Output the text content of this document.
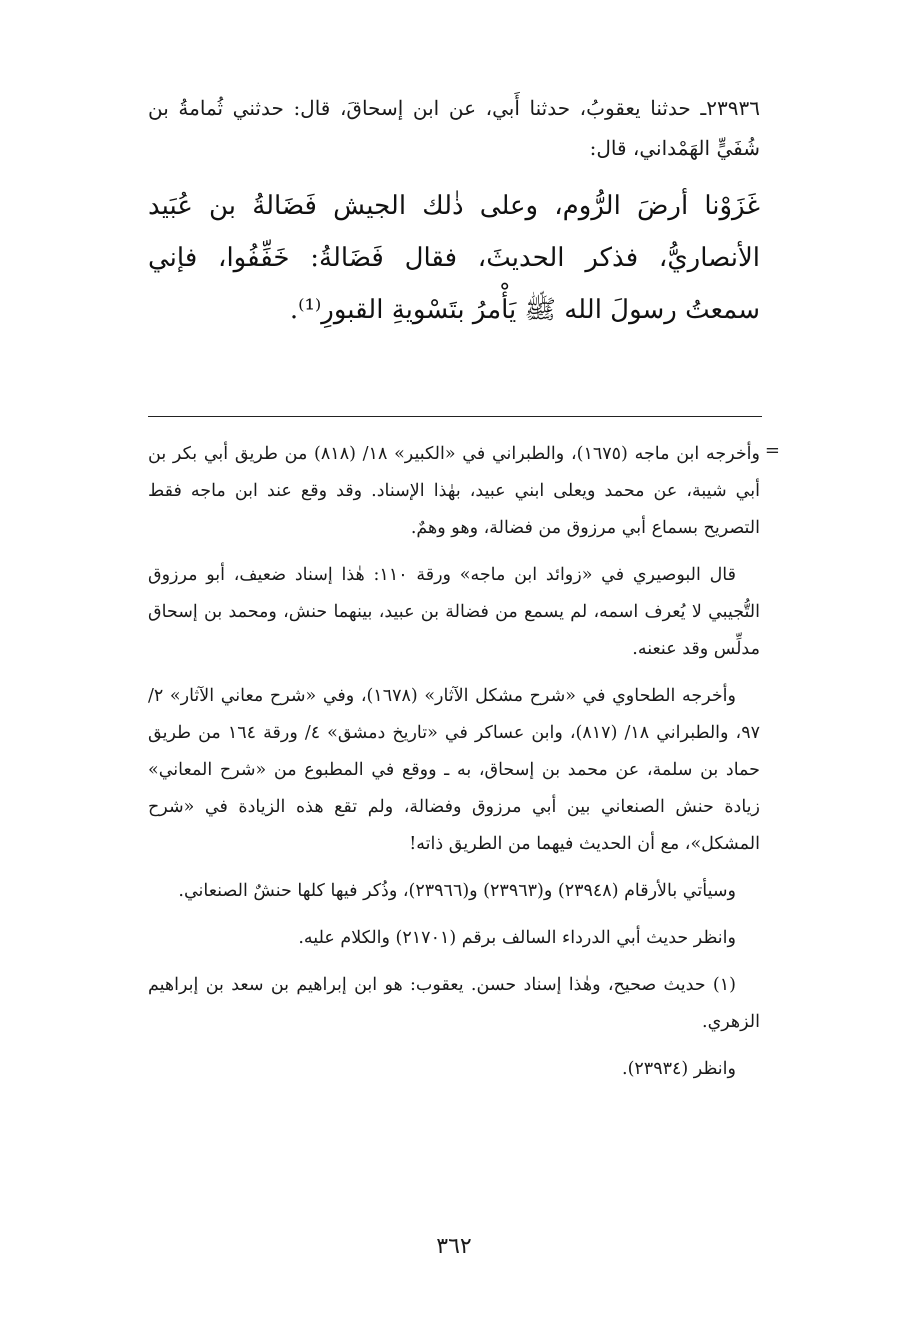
٢٣٩٣٦ـ حدثنا يعقوبُ، حدثنا أَبي، عن ابن إسحاقَ، قال: حدثني ثُمامةُ بن شُفَيٍّ الهَمْداني، قال:

غَزَوْنا أرضَ الرُّوم، وعلى ذٰلك الجيش فَضَالةُ بن عُبَيد الأنصاريُّ، فذكر الحديثَ، فقال فَضَالةُ: خَفِّفُوا، فإني سمعتُ رسولَ الله ﷺ يَأْمرُ بتَسْويةِ القبورِ⁽¹⁾.

=

وأخرجه ابن ماجه (١٦٧٥)، والطبراني في «الكبير» ١٨/ (٨١٨) من طريق أبي بكر بن أبي شيبة، عن محمد ويعلى ابني عبيد، بهٰذا الإسناد. وقد وقع عند ابن ماجه فقط التصريح بسماع أبي مرزوق من فضالة، وهو وهمٌ.

قال البوصيري في «زوائد ابن ماجه» ورقة ١١٠: هٰذا إسناد ضعيف، أبو مرزوق التُّجيبي لا يُعرف اسمه، لم يسمع من فضالة بن عبيد، بينهما حنش، ومحمد بن إسحاق مدلِّس وقد عنعنه.

وأخرجه الطحاوي في «شرح مشكل الآثار» (١٦٧٨)، وفي «شرح معاني الآثار» ٢/ ٩٧، والطبراني ١٨/ (٨١٧)، وابن عساكر في «تاريخ دمشق» ٤/ ورقة ١٦٤ من طريق حماد بن سلمة، عن محمد بن إسحاق، به ـ ووقع في المطبوع من «شرح المعاني» زيادة حنش الصنعاني بين أبي مرزوق وفضالة، ولم تقع هذه الزيادة في «شرح المشكل»، مع أن الحديث فيهما من الطريق ذاته!

وسيأتي بالأرقام (٢٣٩٤٨) و(٢٣٩٦٣) و(٢٣٩٦٦)، وذُكر فيها كلها حنشٌ الصنعاني.

وانظر حديث أبي الدرداء السالف برقم (٢١٧٠١) والكلام عليه.

(١) حديث صحيح، وهٰذا إسناد حسن. يعقوب: هو ابن إبراهيم بن سعد بن إبراهيم الزهري.

وانظر (٢٣٩٣٤).

٣٦٢
